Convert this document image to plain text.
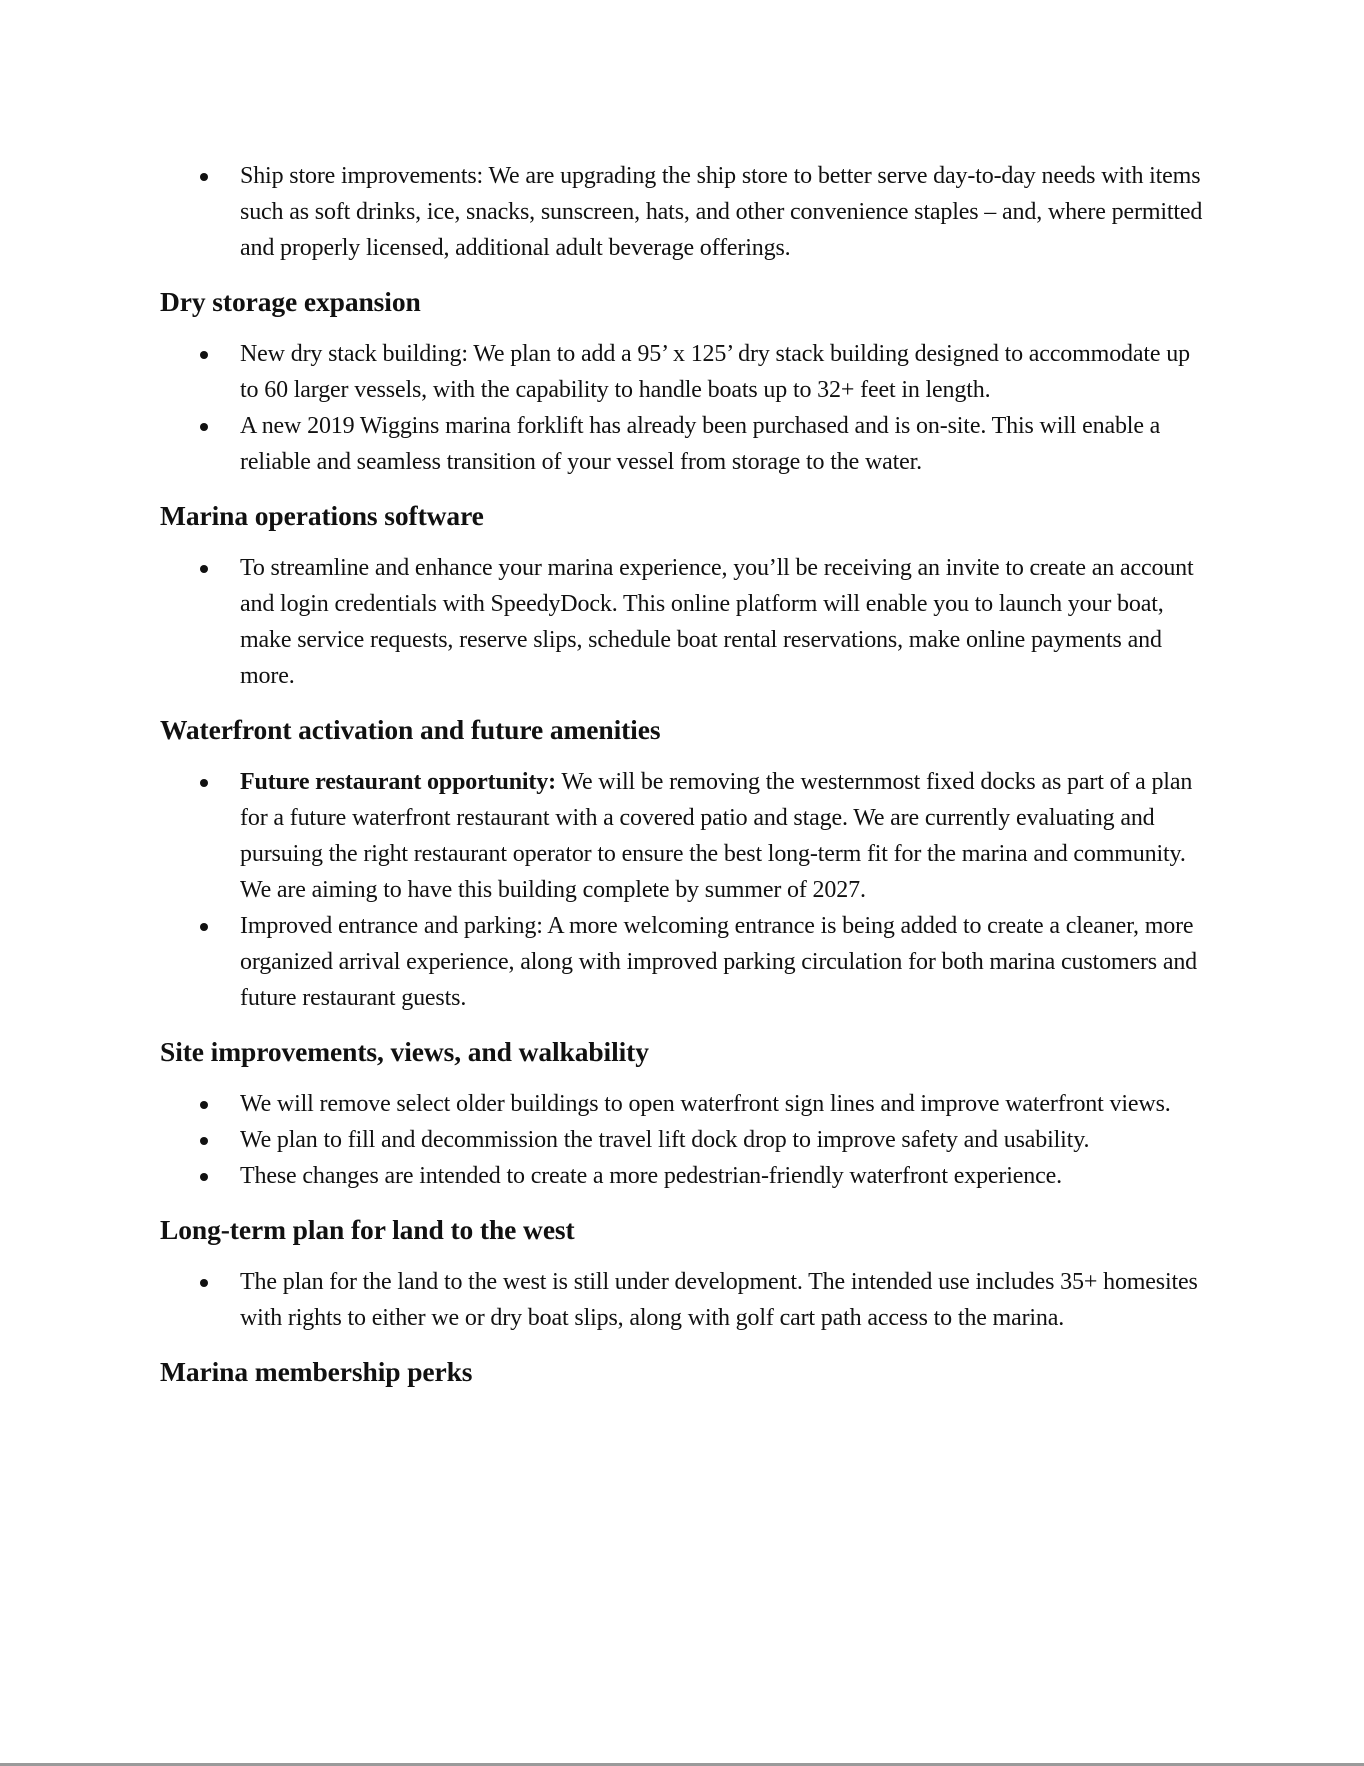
Ship store improvements: We are upgrading the ship store to better serve day-to-day needs with items such as soft drinks, ice, snacks, sunscreen, hats, and other convenience staples – and, where permitted and properly licensed, additional adult beverage offerings.
Dry storage expansion
New dry stack building: We plan to add a 95’ x 125’ dry stack building designed to accommodate up to 60 larger vessels, with the capability to handle boats up to 32+ feet in length.
A new 2019 Wiggins marina forklift has already been purchased and is on-site. This will enable a reliable and seamless transition of your vessel from storage to the water.
Marina operations software
To streamline and enhance your marina experience, you’ll be receiving an invite to create an account and login credentials with SpeedyDock. This online platform will enable you to launch your boat, make service requests, reserve slips, schedule boat rental reservations, make online payments and more.
Waterfront activation and future amenities
Future restaurant opportunity: We will be removing the westernmost fixed docks as part of a plan for a future waterfront restaurant with a covered patio and stage. We are currently evaluating and pursuing the right restaurant operator to ensure the best long-term fit for the marina and community. We are aiming to have this building complete by summer of 2027.
Improved entrance and parking: A more welcoming entrance is being added to create a cleaner, more organized arrival experience, along with improved parking circulation for both marina customers and future restaurant guests.
Site improvements, views, and walkability
We will remove select older buildings to open waterfront sign lines and improve waterfront views.
We plan to fill and decommission the travel lift dock drop to improve safety and usability.
These changes are intended to create a more pedestrian-friendly waterfront experience.
Long-term plan for land to the west
The plan for the land to the west is still under development. The intended use includes 35+ homesites with rights to either we or dry boat slips, along with golf cart path access to the marina.
Marina membership perks
